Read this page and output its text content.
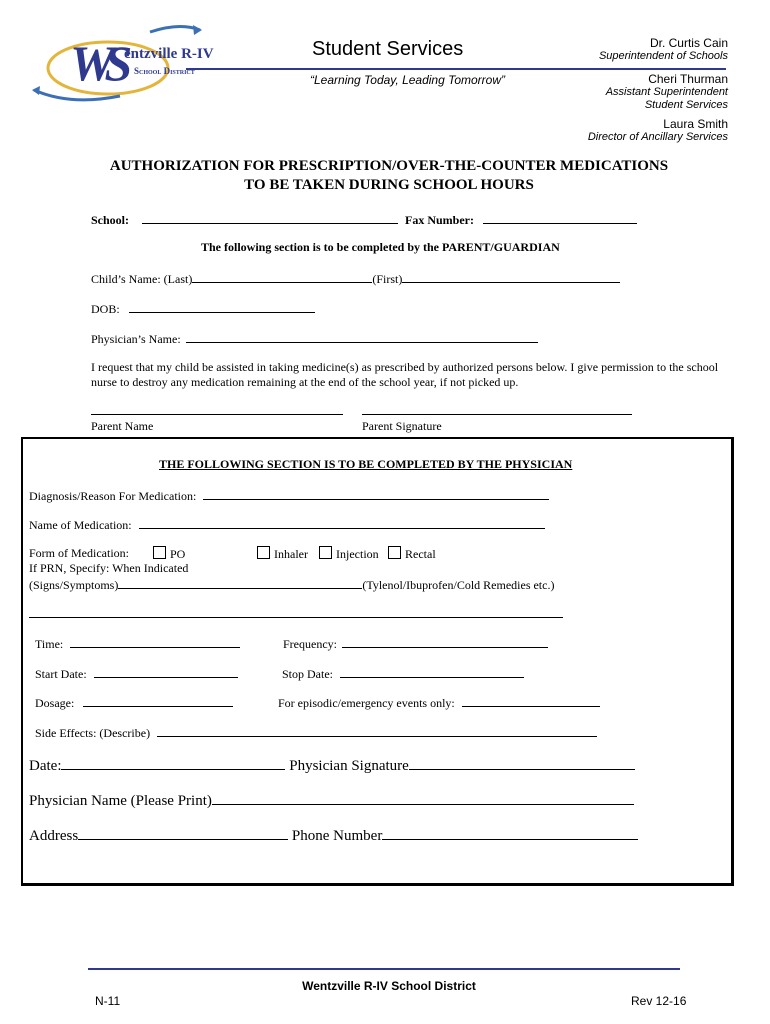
WS entzville R-IV
School District
Student Services
“Learning Today, Leading Tomorrow”
Dr. Curtis Cain
Superintendent of Schools
Cheri Thurman
Assistant Superintendent
Student Services
Laura Smith
Director of Ancillary Services
AUTHORIZATION FOR PRESCRIPTION/OVER-THE-COUNTER MEDICATIONS
TO BE TAKEN DURING SCHOOL HOURS
School:	Fax Number:
The following section is to be completed by the PARENT/GUARDIAN
Child’s Name: (Last)	(First)
DOB:
Physician’s Name:
I request that my child be assisted in taking medicine(s) as prescribed by authorized persons below. I give permission to the school nurse to destroy any medication remaining at the end of the school year, if not picked up.
Parent Name	Parent Signature
THE FOLLOWING SECTION IS TO BE COMPLETED BY THE PHYSICIAN
Diagnosis/Reason For Medication:
Name of Medication:
Form of Medication:	PO	Inhaler	Injection	Rectal
If PRN, Specify: When Indicated
(Signs/Symptoms)	(Tylenol/Ibuprofen/Cold Remedies etc.)
Time:	Frequency:
Start Date:	Stop Date:
Dosage:	For episodic/emergency events only:
Side Effects: (Describe)
Date:	Physician Signature
Physician Name (Please Print)
Address	Phone Number
Wentzville R-IV School District
N-11	Rev 12-16
